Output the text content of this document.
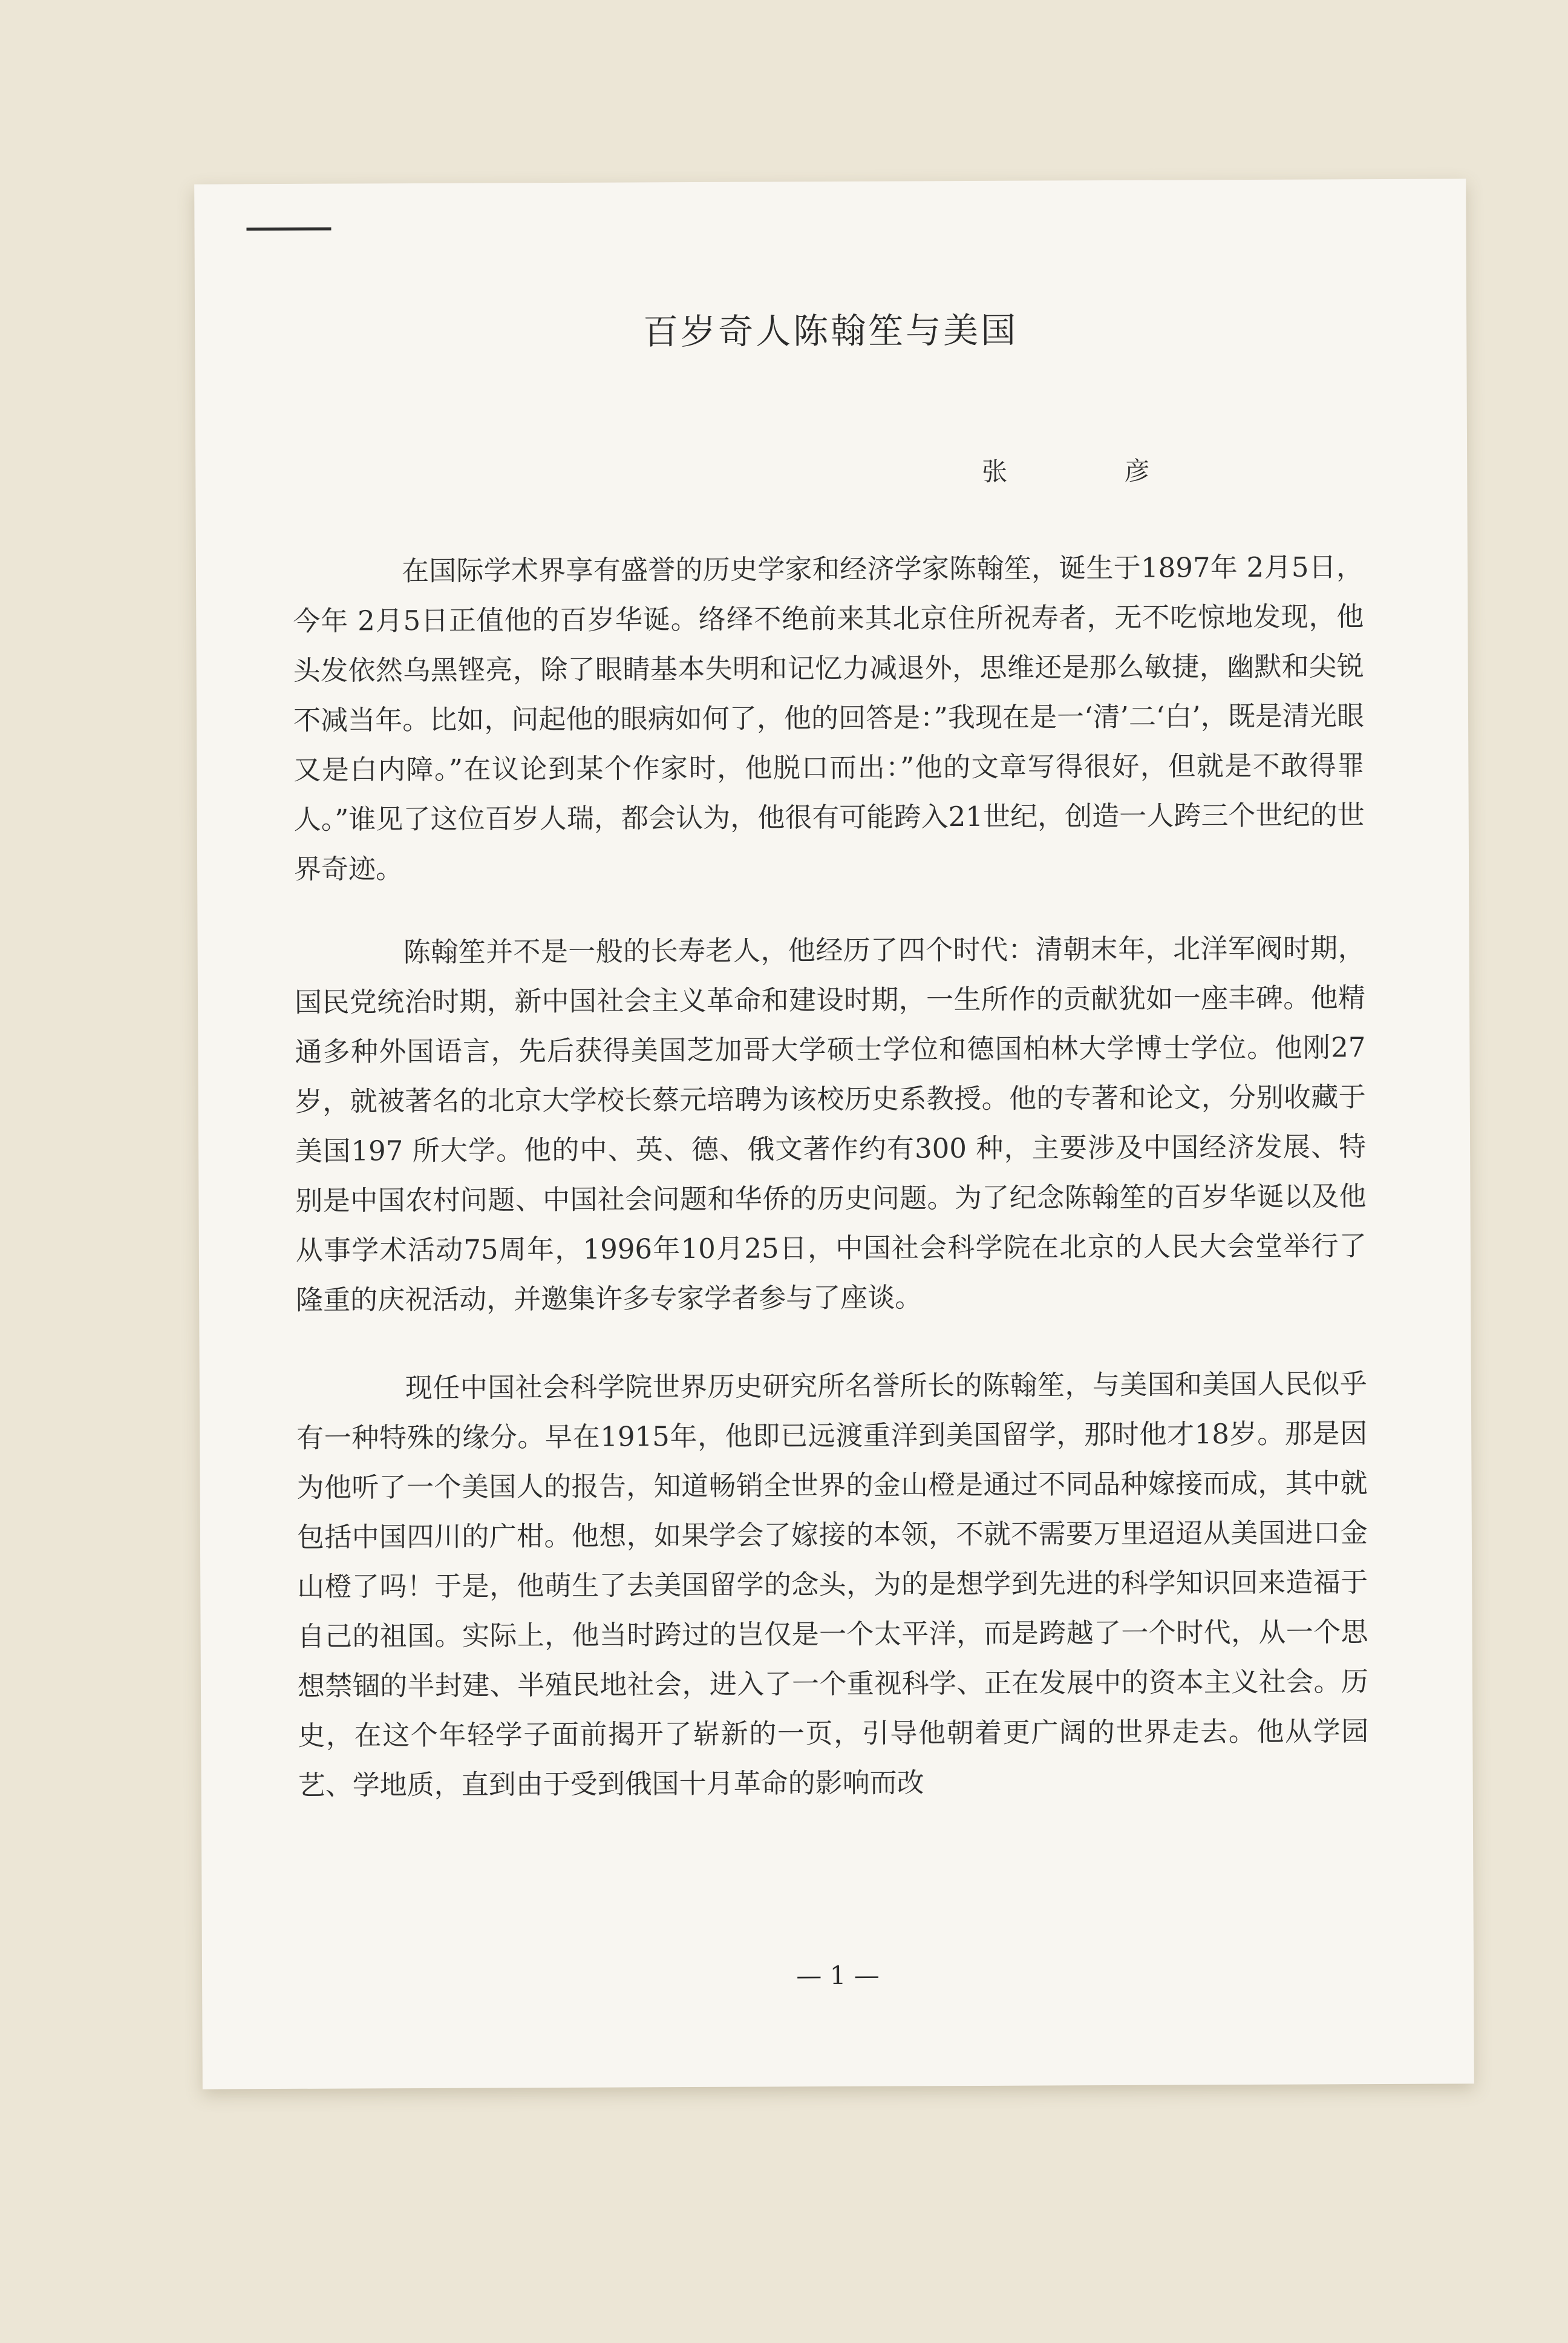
百岁奇人陈翰笙与美国
张 彦
在国际学术界享有盛誉的历史学家和经济学家陈翰笙，诞生于1897年 2月5日，今年 2月5日正值他的百岁华诞。络绎不绝前来其北京住所祝寿者，无不吃惊地发现，他头发依然乌黑铿亮，除了眼睛基本失明和记忆力减退外，思维还是那么敏捷，幽默和尖锐不减当年。比如，问起他的眼病如何了，他的回答是：”我现在是一‘清’二‘白’，既是清光眼又是白内障。”在议论到某个作家时，他脱口而出：”他的文章写得很好，但就是不敢得罪人。”谁见了这位百岁人瑞，都会认为，他很有可能跨入21世纪，创造一人跨三个世纪的世界奇迹。
陈翰笙并不是一般的长寿老人，他经历了四个时代：清朝末年，北洋军阀时期，国民党统治时期，新中国社会主义革命和建设时期，一生所作的贡献犹如一座丰碑。他精通多种外国语言，先后获得美国芝加哥大学硕士学位和德国柏林大学博士学位。他刚27岁，就被著名的北京大学校长蔡元培聘为该校历史系教授。他的专著和论文，分别收藏于美国197 所大学。他的中、英、德、俄文著作约有300 种，主要涉及中国经济发展、特别是中国农村问题、中国社会问题和华侨的历史问题。为了纪念陈翰笙的百岁华诞以及他从事学术活动75周年，1996年10月25日，中国社会科学院在北京的人民大会堂举行了隆重的庆祝活动，并邀集许多专家学者参与了座谈。
现任中国社会科学院世界历史研究所名誉所长的陈翰笙，与美国和美国人民似乎有一种特殊的缘分。早在1915年，他即已远渡重洋到美国留学，那时他才18岁。那是因为他听了一个美国人的报告，知道畅销全世界的金山橙是通过不同品种嫁接而成，其中就包括中国四川的广柑。他想，如果学会了嫁接的本领，不就不需要万里迢迢从美国进口金山橙了吗！于是，他萌生了去美国留学的念头，为的是想学到先进的科学知识回来造福于自己的祖国。实际上，他当时跨过的岂仅是一个太平洋，而是跨越了一个时代，从一个思想禁锢的半封建、半殖民地社会，进入了一个重视科学、正在发展中的资本主义社会。历史，在这个年轻学子面前揭开了崭新的一页，引导他朝着更广阔的世界走去。他从学园艺、学地质，直到由于受到俄国十月革命的影响而改
— 1 —
